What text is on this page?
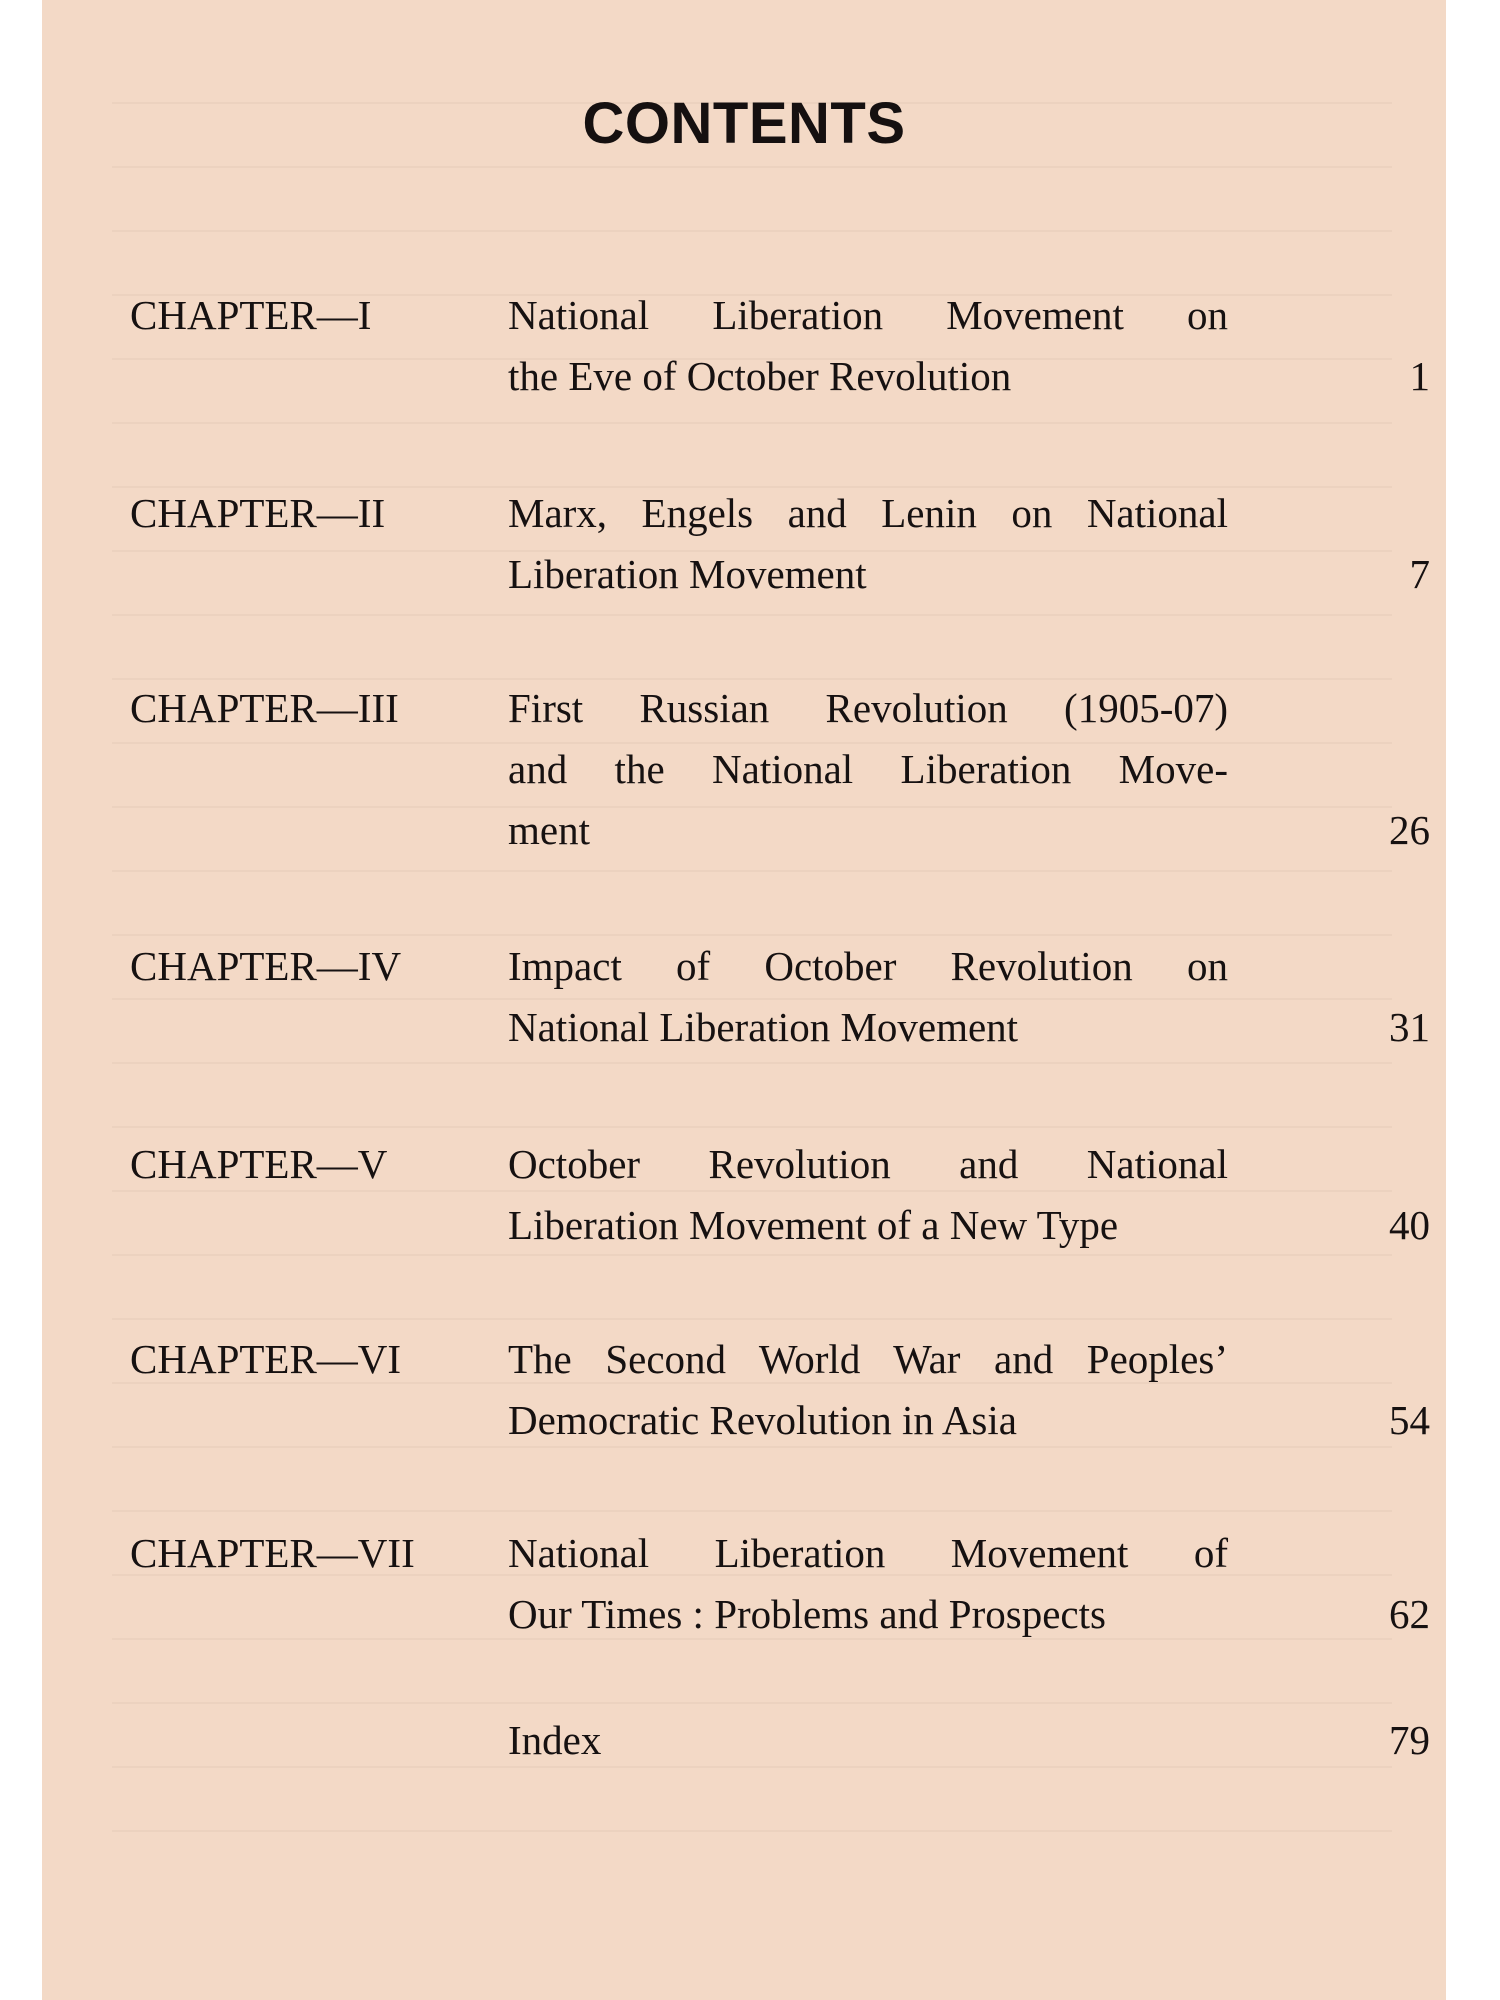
CONTENTS
CHAPTER—I	National Liberation Movement on
the Eve of October Revolution	1
CHAPTER—II	Marx, Engels and Lenin on National
Liberation Movement	7
CHAPTER—III	First Russian Revolution (1905-07)
and the National Liberation Move-
ment	26
CHAPTER—IV	Impact of October Revolution on
National Liberation Movement	31
CHAPTER—V	October Revolution and National
Liberation Movement of a New Type	40
CHAPTER—VI	The Second World War and Peoples’
Democratic Revolution in Asia	54
CHAPTER—VII National Liberation Movement of
Our Times : Problems and Prospects	62
Index	79
